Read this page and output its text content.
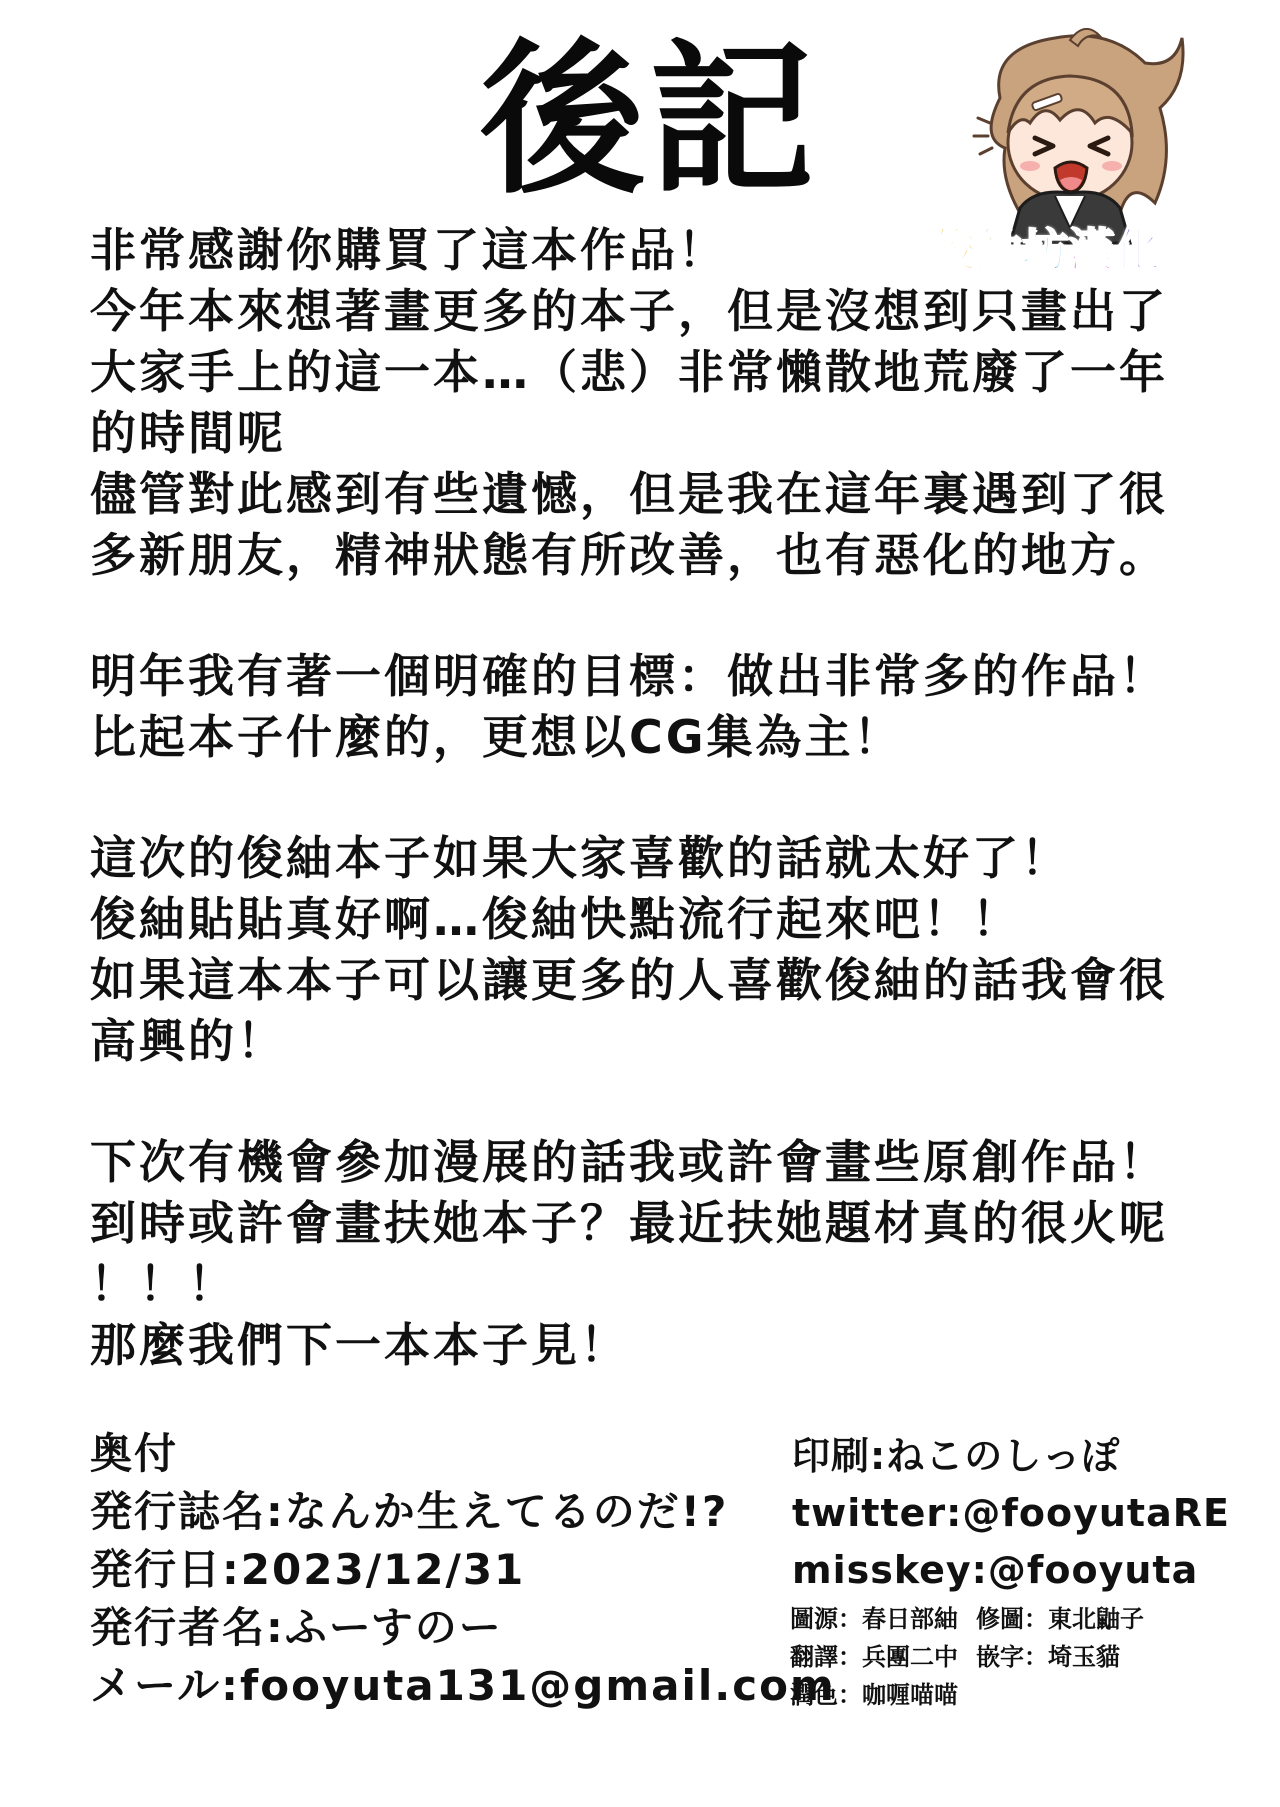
後記
俊紬坊漢化
非常感謝你購買了這本作品！
今年本來想著畫更多的本子，但是沒想到只畫出了
大家手上的這一本…（悲）非常懶散地荒廢了一年
的時間呢
儘管對此感到有些遺憾，但是我在這年裏遇到了很
多新朋友，精神狀態有所改善，也有惡化的地方。
明年我有著一個明確的目標：做出非常多的作品！
比起本子什麼的，更想以CG集為主！
這次的俊紬本子如果大家喜歡的話就太好了！
俊紬貼貼真好啊…俊紬快點流行起來吧！！
如果這本本子可以讓更多的人喜歡俊紬的話我會很
高興的！
下次有機會參加漫展的話我或許會畫些原創作品！
到時或許會畫扶她本子？最近扶她題材真的很火呢
！！！
那麼我們下一本本子見！
奥付
発行誌名:なんか生えてるのだ!?
発行日:2023/12/31
発行者名:ふーすのー
メール:fooyuta131@gmail.com
印刷:ねこのしっぽ
twitter:@fooyutaRE
misskey:@fooyuta
圖源：春日部紬 修圖：東北鼬子
翻譯：兵團二中 嵌字：埼玉貓
潤色：咖喱喵喵
